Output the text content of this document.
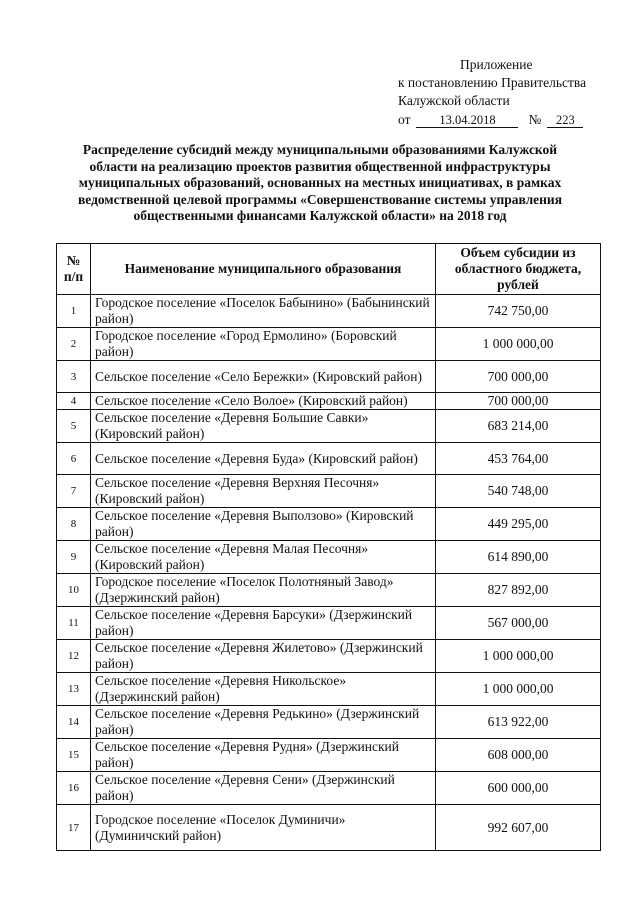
Приложение
к постановлению Правительства
Калужской области
от 13.04.2018 № 223
Распределение субсидий между муниципальными образованиями Калужской области на реализацию проектов развития общественной инфраструктуры муниципальных образований, основанных на местных инициативах, в рамках ведомственной целевой программы «Совершенствование системы управления общественными финансами Калужской области» на 2018 год
№ п/п	Наименование муниципального образования	Объем субсидии из областного бюджета, рублей
1	Городское поселение «Поселок Бабынино» (Бабынинский район)	742 750,00
2	Городское поселение «Город Ермолино» (Боровский район)	1 000 000,00
3	Сельское поселение «Село Бережки» (Кировский район)	700 000,00
4	Сельское поселение «Село Волое» (Кировский район)	700 000,00
5	Сельское поселение «Деревня Большие Савки» (Кировский район)	683 214,00
6	Сельское поселение «Деревня Буда» (Кировский район)	453 764,00
7	Сельское поселение «Деревня Верхняя Песочня» (Кировский район)	540 748,00
8	Сельское поселение «Деревня Выползово» (Кировский район)	449 295,00
9	Сельское поселение «Деревня Малая Песочня» (Кировский район)	614 890,00
10	Городское поселение «Поселок Полотняный Завод» (Дзержинский район)	827 892,00
11	Сельское поселение «Деревня Барсуки» (Дзержинский район)	567 000,00
12	Сельское поселение «Деревня Жилетово» (Дзержинский район)	1 000 000,00
13	Сельское поселение «Деревня Никольское» (Дзержинский район)	1 000 000,00
14	Сельское поселение «Деревня Редькино» (Дзержинский район)	613 922,00
15	Сельское поселение «Деревня Рудня» (Дзержинский район)	608 000,00
16	Сельское поселение «Деревня Сени» (Дзержинский район)	600 000,00
17	Городское поселение «Поселок Думиничи» (Думиничский район)	992 607,00
